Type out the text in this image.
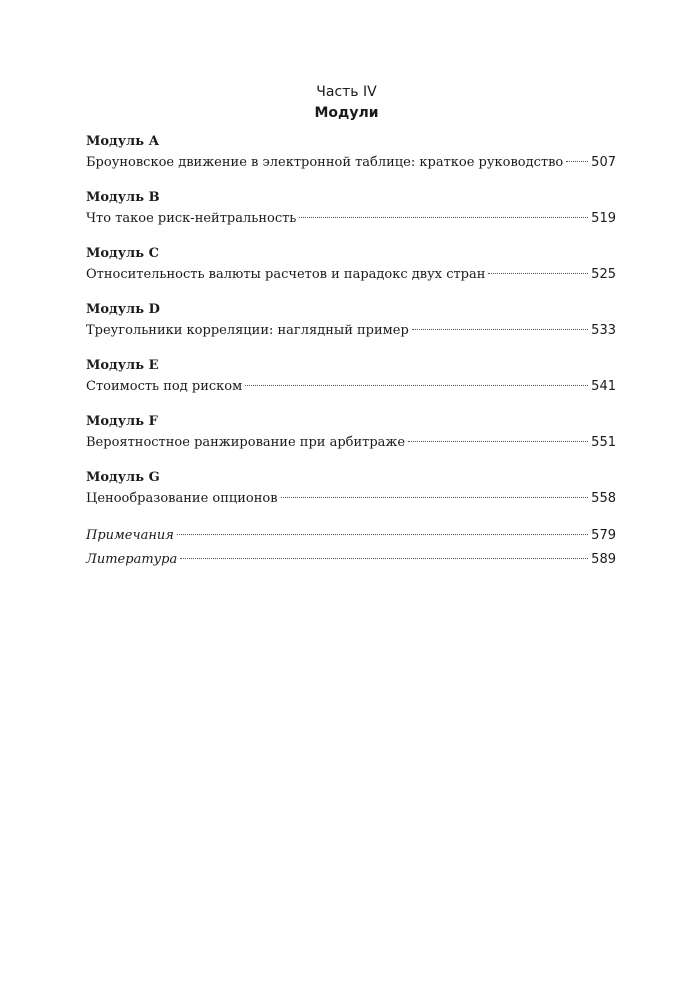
Часть IV
Модули
Модуль А
Броуновское движение в электронной таблице: краткое руководство 507
Модуль B
Что такое риск-нейтральность	519
Модуль C
Относительность валюты расчетов и парадокс двух стран	525
Модуль D
Треугольники корреляции: наглядный пример	533
Модуль E
Стоимость под риском	541
Модуль F
Вероятностное ранжирование при арбитраже	551
Модуль G
Ценообразование опционов	558
Примечания	579
Литература	589
